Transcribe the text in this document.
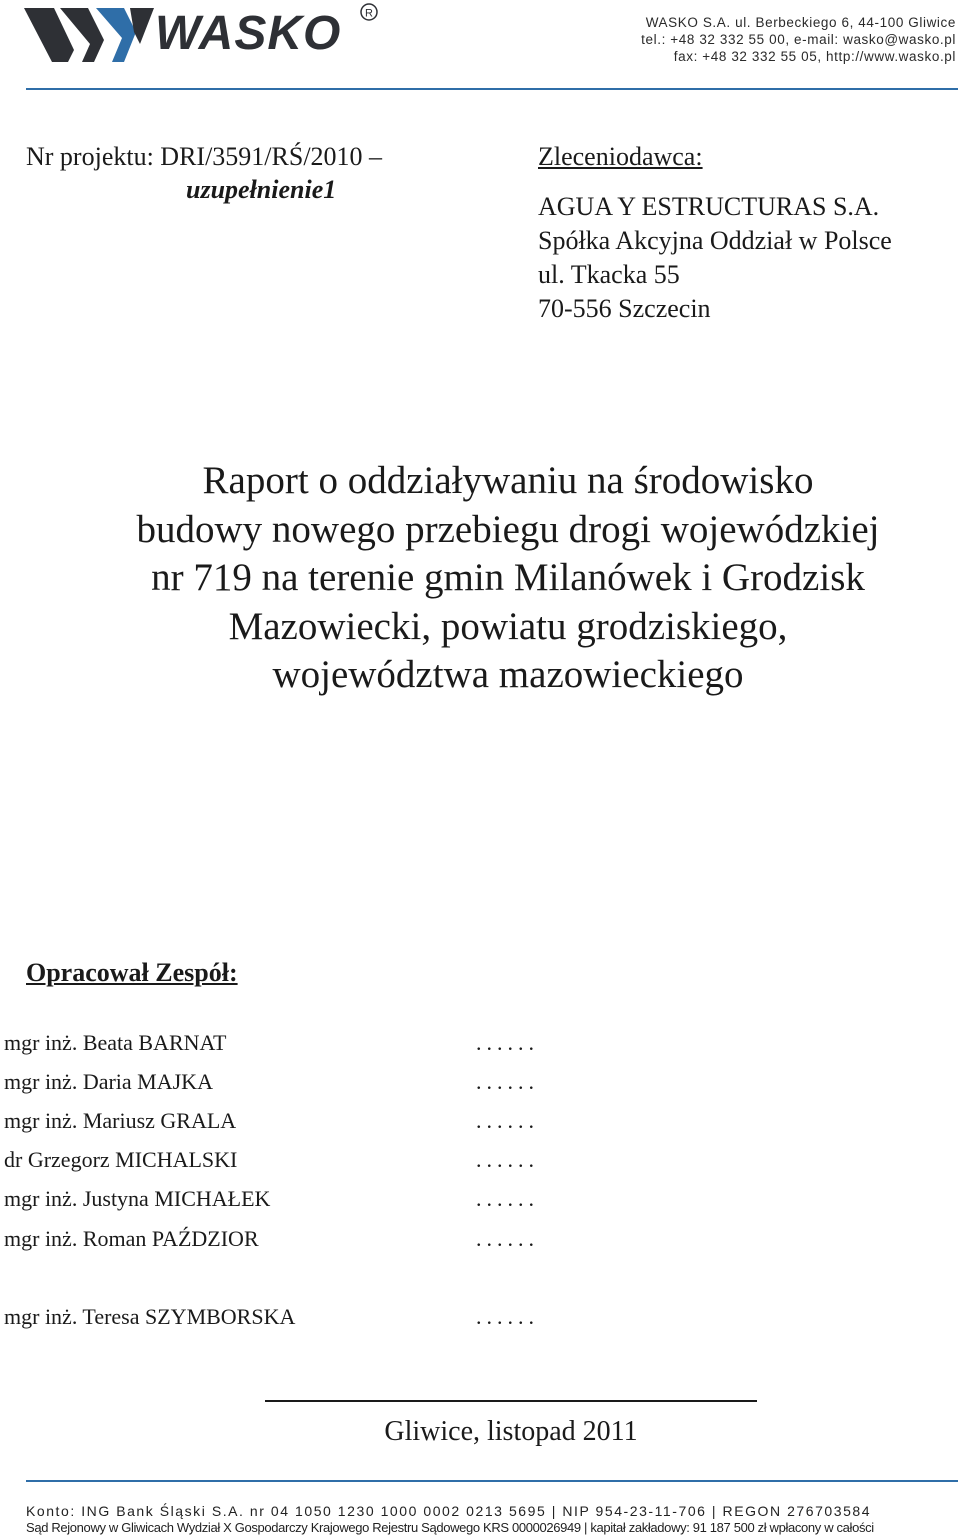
WASKO R
WASKO S.A. ul. Berbeckiego 6, 44-100 Gliwice
tel.: +48 32 332 55 00, e-mail: wasko@wasko.pl
fax: +48 32 332 55 05, http://www.wasko.pl
Nr projektu: DRI/3591/RŚ/2010 –
uzupełnienie1
Zleceniodawca:
AGUA Y ESTRUCTURAS S.A.
Spółka Akcyjna Oddział w Polsce
ul. Tkacka 55
70-556 Szczecin
Raport o oddziaływaniu na środowisko
budowy nowego przebiegu drogi wojewódzkiej
nr 719 na terenie gmin Milanówek i Grodzisk
Mazowiecki, powiatu grodziskiego,
województwa mazowieckiego
Opracował Zespół:
mgr inż. Beata BARNAT	......
mgr inż. Daria MAJKA	......
mgr inż. Mariusz GRALA	......
dr Grzegorz MICHALSKI	......
mgr inż. Justyna MICHAŁEK	......
mgr inż. Roman PAŹDZIOR	......
mgr inż. Teresa SZYMBORSKA	......
Gliwice, listopad 2011
Konto: ING Bank Śląski S.A. nr 04 1050 1230 1000 0002 0213 5695 | NIP 954-23-11-706 | REGON 276703584
Sąd Rejonowy w Gliwicach Wydział X Gospodarczy Krajowego Rejestru Sądowego KRS 0000026949 | kapitał zakładowy: 91 187 500 zł wpłacony w całości
